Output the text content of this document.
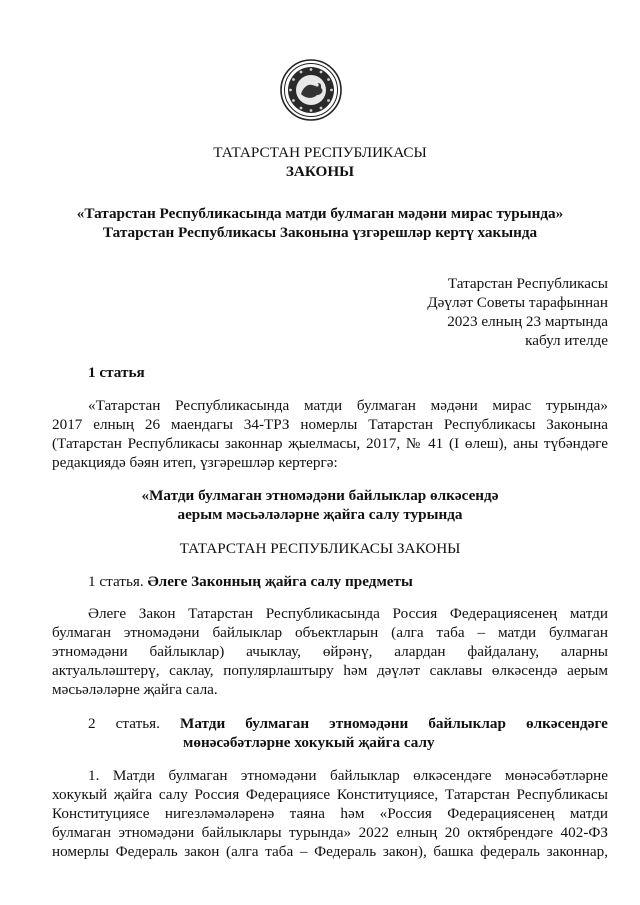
ТАТАРСТАН РЕСПУБЛИКАСЫ
ЗАКОНЫ
«Татарстан Республикасында матди булмаган мәдәни мирас турында»
Татарстан Республикасы Законына үзгәрешләр кертү хакында
Татарстан Республикасы
Дәүләт Советы тарафыннан
2023 елның 23 мартында
кабул ителде
1 статья
«Татарстан Республикасында матди булмаган мәдәни мирас турында»
2017 елның 26 маендагы 34-ТРЗ номерлы Татарстан Республикасы Законына
(Татарстан Республикасы законнар җыелмасы, 2017, № 41 (I өлеш), аны түбәндәге
редакциядә бәян итеп, үзгәрешләр кертергә:
«Матди булмаган этномәдәни байлыклар өлкәсендә
аерым мәсьәләләрне җайга салу турында
ТАТАРСТАН РЕСПУБЛИКАСЫ ЗАКОНЫ
1 статья. Әлеге Законның җайга салу предметы
Әлеге Закон Татарстан Республикасында Россия Федерациясенең матди
булмаган этномәдәни байлыклар объектларын (алга таба – матди булмаган
этномәдәни байлыклар) ачыклау, өйрәнү, алардан файдалану, аларны
актуальләштерү, саклау, популярлаштыру һәм дәүләт саклавы өлкәсендә аерым
мәсьәләләрне җайга сала.
2 статья. Матди булмаган этномәдәни байлыклар өлкәсендәге
мөнәсәбәтләрне хокукый җайга салу
1. Матди булмаган этномәдәни байлыклар өлкәсендәге мөнәсәбәтләрне
хокукый җайга салу Россия Федерациясе Конституциясе, Татарстан Республикасы
Конституциясе нигезләмәләренә таяна һәм «Россия Федерациясенең матди
булмаган этномәдәни байлыклары турында» 2022 елның 20 октябрендәге 402-ФЗ
номерлы Федераль закон (алга таба – Федераль закон), башка федераль законнар,
